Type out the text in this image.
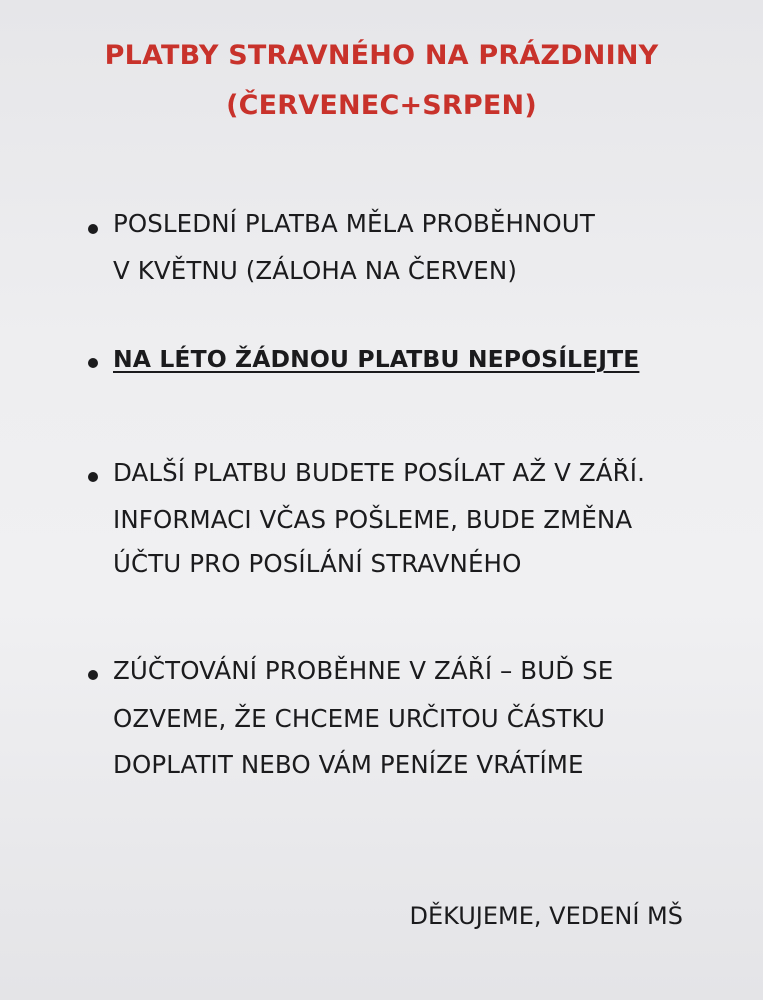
PLATBY STRAVNÉHO NA PRÁZDNINY
(ČERVENEC+SRPEN)
POSLEDNÍ PLATBA MĚLA PROBĚHNOUT
V KVĚTNU (ZÁLOHA NA ČERVEN)
NA LÉTO ŽÁDNOU PLATBU NEPOSÍLEJTE
DALŠÍ PLATBU BUDETE POSÍLAT AŽ V ZÁŘÍ.
INFORMACI VČAS POŠLEME, BUDE ZMĚNA
ÚČTU PRO POSÍLÁNÍ STRAVNÉHO
ZÚČTOVÁNÍ PROBĚHNE V ZÁŘÍ – BUĎ SE
OZVEME, ŽE CHCEME URČITOU ČÁSTKU
DOPLATIT NEBO VÁM PENÍZE VRÁTÍME
DĚKUJEME, VEDENÍ MŠ
